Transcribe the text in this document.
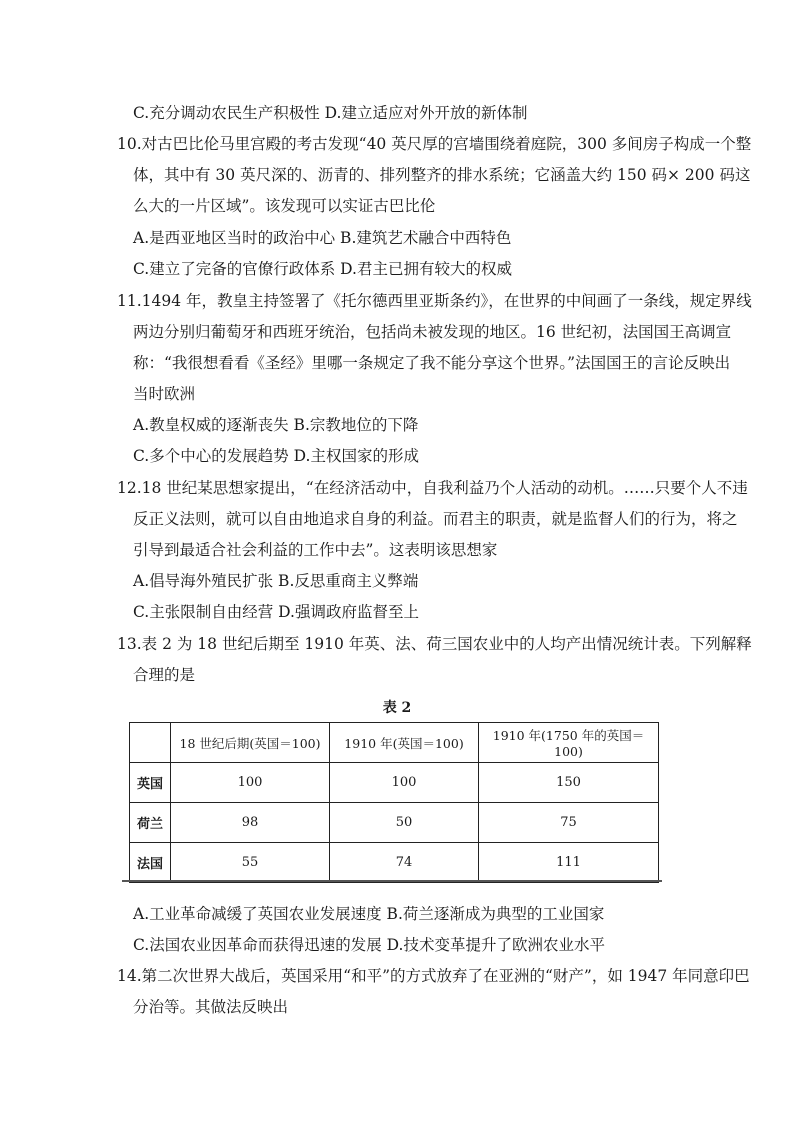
C.充分调动农民生产积极性 D.建立适应对外开放的新体制
10.对古巴比伦马里宫殿的考古发现“40 英尺厚的宫墙围绕着庭院，300 多间房子构成一个整
体，其中有 30 英尺深的、沥青的、排列整齐的排水系统；它涵盖大约 150 码× 200 码这
么大的一片区域”。该发现可以实证古巴比伦
A.是西亚地区当时的政治中心 B.建筑艺术融合中西特色
C.建立了完备的官僚行政体系 D.君主已拥有较大的权威
11.1494 年，教皇主持签署了《托尔德西里亚斯条约》，在世界的中间画了一条线，规定界线
两边分别归葡萄牙和西班牙统治，包括尚未被发现的地区。16 世纪初，法国国王高调宣
称：“我很想看看《圣经》里哪一条规定了我不能分享这个世界。”法国国王的言论反映出
当时欧洲
A.教皇权威的逐渐丧失 B.宗教地位的下降
C.多个中心的发展趋势 D.主权国家的形成
12.18 世纪某思想家提出，“在经济活动中，自我利益乃个人活动的动机。……只要个人不违
反正义法则，就可以自由地追求自身的利益。而君主的职责，就是监督人们的行为，将之
引导到最适合社会利益的工作中去”。这表明该思想家
A.倡导海外殖民扩张 B.反思重商主义弊端
C.主张限制自由经营 D.强调政府监督至上
13.表 2 为 18 世纪后期至 1910 年英、法、荷三国农业中的人均产出情况统计表。下列解释
合理的是
表 2
	18 世纪后期(英国＝100)	1910 年(英国＝100)	1910 年(1750 年的英国＝100)
英国	100	100	150
荷兰	98	50	75
法国	55	74	111
A.工业革命减缓了英国农业发展速度 B.荷兰逐渐成为典型的工业国家
C.法国农业因革命而获得迅速的发展 D.技术变革提升了欧洲农业水平
14.第二次世界大战后，英国采用“和平”的方式放弃了在亚洲的“财产”，如 1947 年同意印巴
分治等。其做法反映出
